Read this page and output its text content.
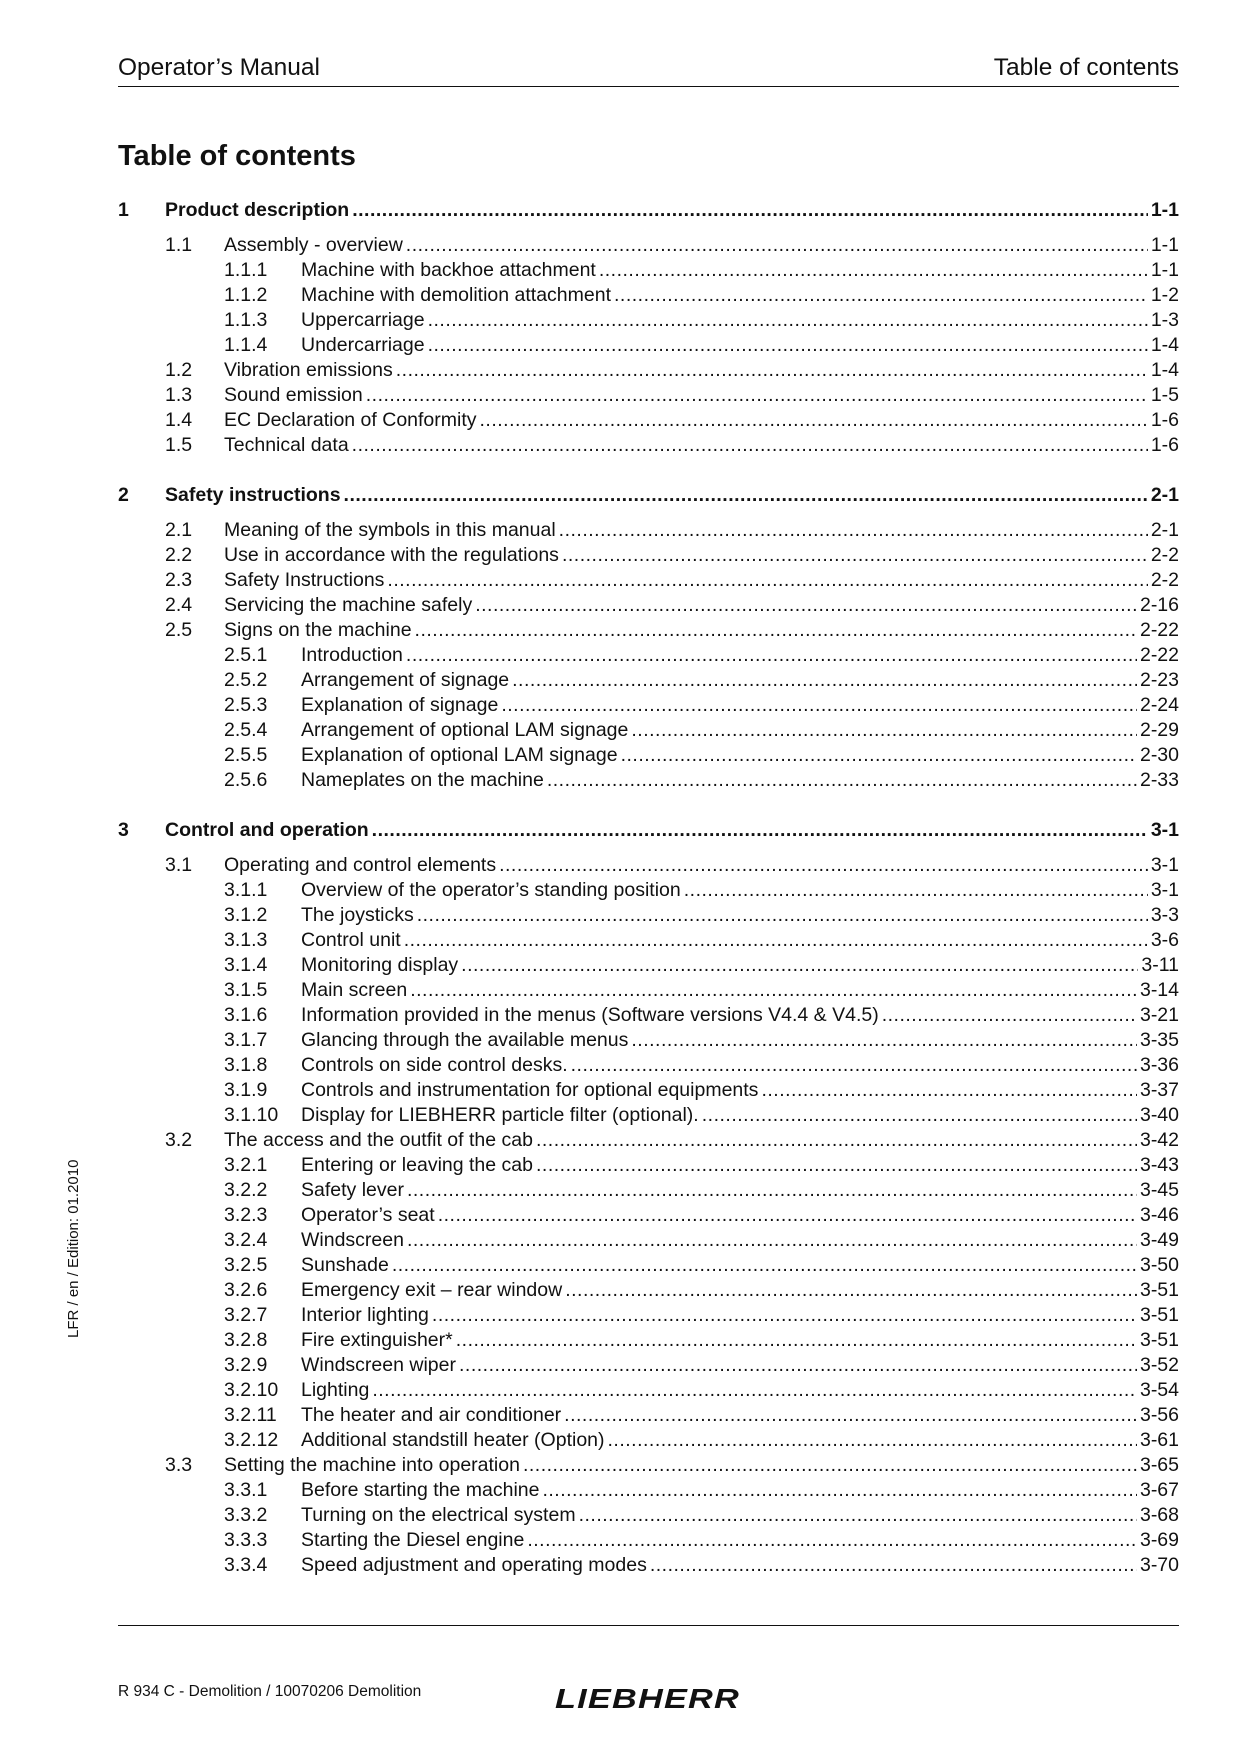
Operator’s Manual	Table of contents
Table of contents
1 Product description .....	1-1
1.1 Assembly - overview .....	1-1
1.1.1 Machine with backhoe attachment .....	1-1
1.1.2 Machine with demolition attachment .....	1-2
1.1.3 Uppercarriage .....	1-3
1.1.4 Undercarriage .....	1-4
1.2 Vibration emissions .....	1-4
1.3 Sound emission .....	1-5
1.4 EC Declaration of Conformity .....	1-6
1.5 Technical data .....	1-6
2 Safety instructions .....	2-1
2.1 Meaning of the symbols in this manual .....	2-1
2.2 Use in accordance with the regulations .....	2-2
2.3 Safety Instructions .....	2-2
2.4 Servicing the machine safely .....	2-16
2.5 Signs on the machine .....	2-22
2.5.1 Introduction .....	2-22
2.5.2 Arrangement of signage .....	2-23
2.5.3 Explanation of signage .....	2-24
2.5.4 Arrangement of optional LAM signage .....	2-29
2.5.5 Explanation of optional LAM signage .....	2-30
2.5.6 Nameplates on the machine .....	2-33
3 Control and operation .....	3-1
3.1 Operating and control elements .....	3-1
3.1.1 Overview of the operator’s standing position .....	3-1
3.1.2 The joysticks .....	3-3
3.1.3 Control unit .....	3-6
3.1.4 Monitoring display .....	3-11
3.1.5 Main screen .....	3-14
3.1.6 Information provided in the menus (Software versions V4.4 & V4.5) .....	3-21
3.1.7 Glancing through the available menus .....	3-35
3.1.8 Controls on side control desks. .....	3-36
3.1.9 Controls and instrumentation for optional equipments .....	3-37
3.1.10 Display for LIEBHERR particle filter (optional). .....	3-40
3.2 The access and the outfit of the cab .....	3-42
3.2.1 Entering or leaving the cab .....	3-43
3.2.2 Safety lever .....	3-45
3.2.3 Operator’s seat .....	3-46
3.2.4 Windscreen .....	3-49
3.2.5 Sunshade .....	3-50
3.2.6 Emergency exit – rear window .....	3-51
3.2.7 Interior lighting .....	3-51
3.2.8 Fire extinguisher* .....	3-51
3.2.9 Windscreen wiper .....	3-52
3.2.10 Lighting .....	3-54
3.2.11 The heater and air conditioner .....	3-56
3.2.12 Additional standstill heater (Option) .....	3-61
3.3 Setting the machine into operation .....	3-65
3.3.1 Before starting the machine .....	3-67
3.3.2 Turning on the electrical system .....	3-68
3.3.3 Starting the Diesel engine .....	3-69
3.3.4 Speed adjustment and operating modes .....	3-70
LFR / en / Edition: 01.2010
R 934 C - Demolition / 10070206 Demolition	LIEBHERR
